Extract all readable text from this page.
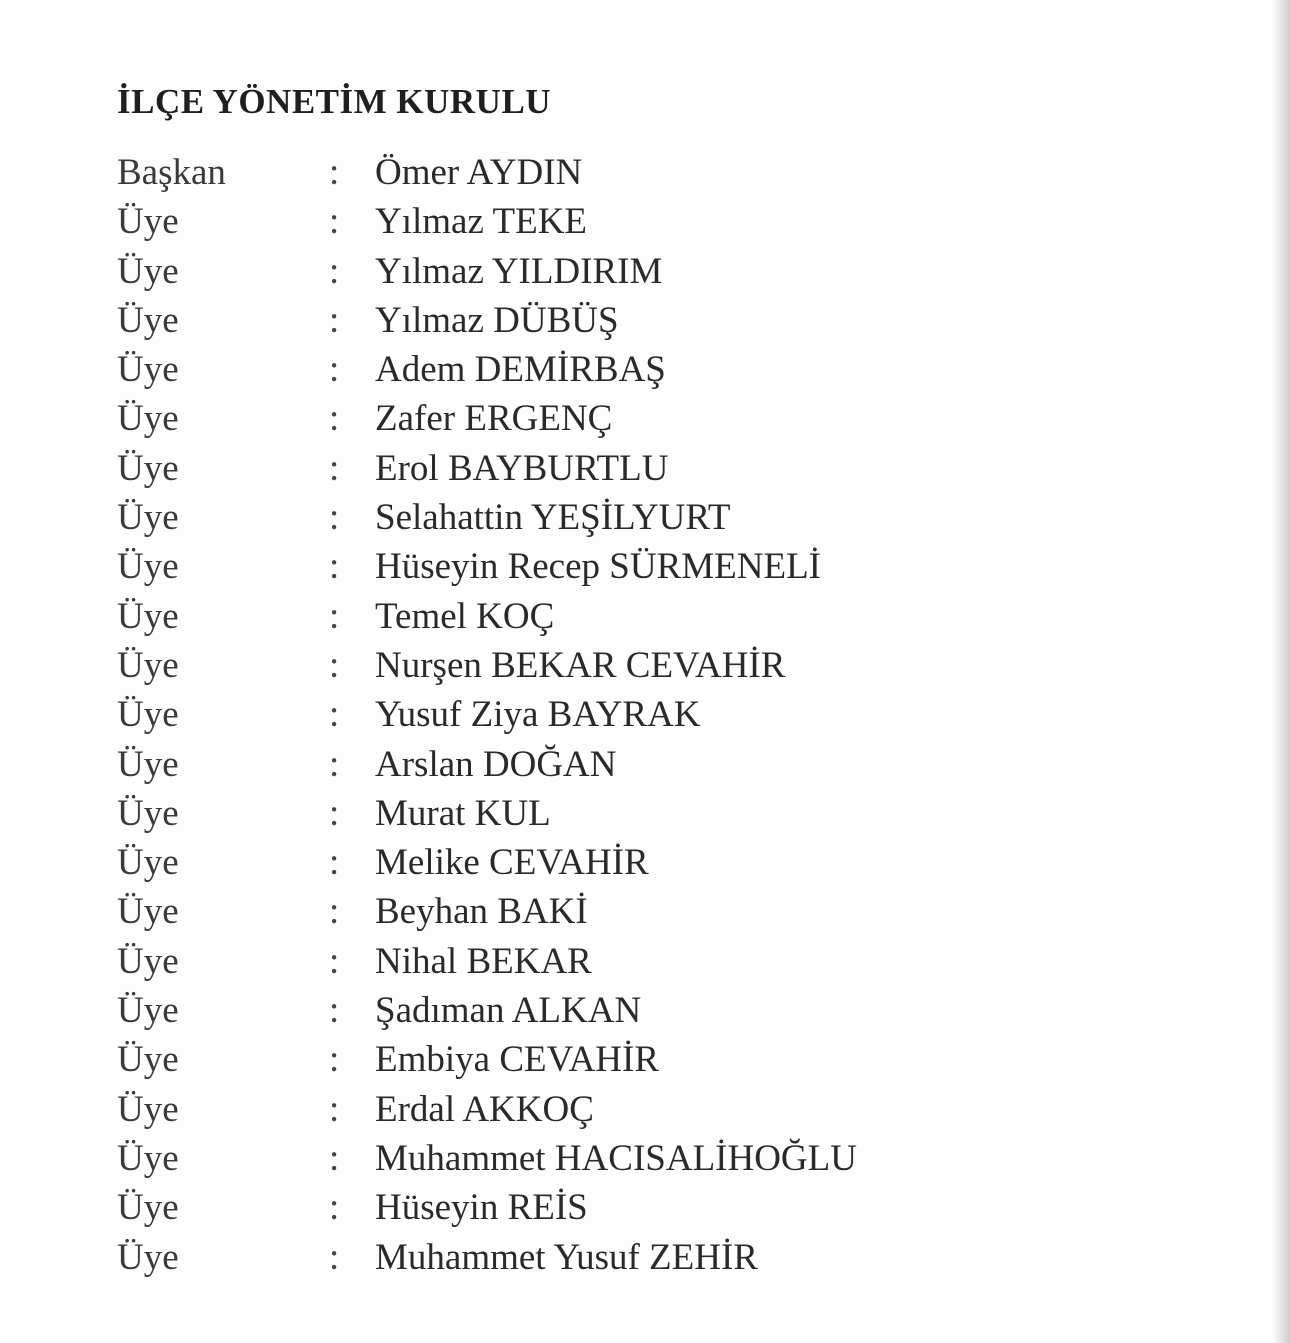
İLÇE YÖNETİM KURULU
Başkan	: Ömer AYDIN
Üye	: Yılmaz TEKE
Üye	: Yılmaz YILDIRIM
Üye	: Yılmaz DÜBÜŞ
Üye	: Adem DEMİRBAŞ
Üye	: Zafer ERGENÇ
Üye	: Erol BAYBURTLU
Üye	: Selahattin YEŞİLYURT
Üye	: Hüseyin Recep SÜRMENELİ
Üye	: Temel KOÇ
Üye	: Nurşen BEKAR CEVAHİR
Üye	: Yusuf Ziya BAYRAK
Üye	: Arslan DOĞAN
Üye	: Murat KUL
Üye	: Melike CEVAHİR
Üye	: Beyhan BAKİ
Üye	: Nihal BEKAR
Üye	: Şadıman ALKAN
Üye	: Embiya CEVAHİR
Üye	: Erdal AKKOÇ
Üye	: Muhammet HACISALİHOĞLU
Üye	: Hüseyin REİS
Üye	: Muhammet Yusuf ZEHİR
